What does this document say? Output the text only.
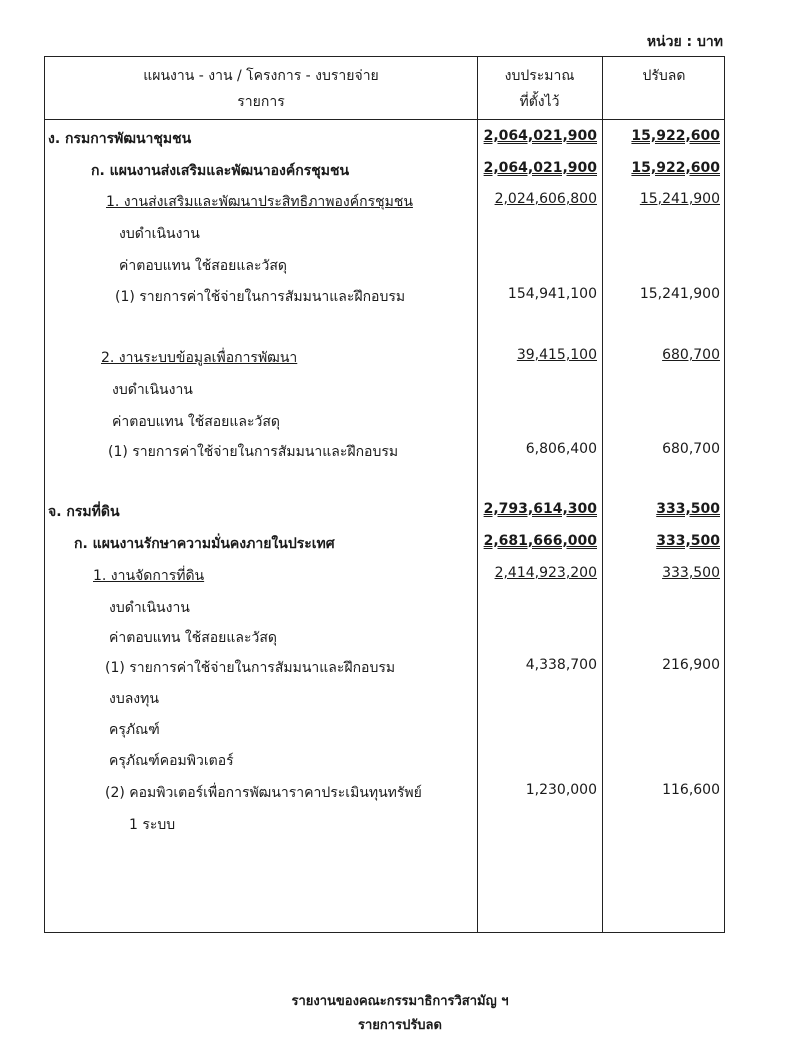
หน่วย : บาท
แผนงาน - งาน / โครงการ - งบรายจ่าย
รายการ
งบประมาณ
ที่ตั้งไว้
ปรับลด
ง. กรมการพัฒนาชุมชน	2,064,021,900 15,922,600
ก. แผนงานส่งเสริมและพัฒนาองค์กรชุมชน	2,064,021,900 15,922,600
1. งานส่งเสริมและพัฒนาประสิทธิภาพองค์กรชุมชน	2,024,606,800	15,241,900
งบดำเนินงาน
ค่าตอบแทน ใช้สอยและวัสดุ
(1) รายการค่าใช้จ่ายในการสัมมนาและฝึกอบรม	154,941,100	15,241,900
2. งานระบบข้อมูลเพื่อการพัฒนา	39,415,100	680,700
งบดำเนินงาน
ค่าตอบแทน ใช้สอยและวัสดุ
(1) รายการค่าใช้จ่ายในการสัมมนาและฝึกอบรม	6,806,400	680,700
จ. กรมที่ดิน	2,793,614,300	333,500
ก. แผนงานรักษาความมั่นคงภายในประเทศ	2,681,666,000	333,500
1. งานจัดการที่ดิน	2,414,923,200	333,500
งบดำเนินงาน
ค่าตอบแทน ใช้สอยและวัสดุ
(1) รายการค่าใช้จ่ายในการสัมมนาและฝึกอบรม	4,338,700	216,900
งบลงทุน
ครุภัณฑ์
ครุภัณฑ์คอมพิวเตอร์
(2) คอมพิวเตอร์เพื่อการพัฒนาราคาประเมินทุนทรัพย์	1,230,000	116,600
1 ระบบ
รายงานของคณะกรรมาธิการวิสามัญ ฯ
รายการปรับลด
